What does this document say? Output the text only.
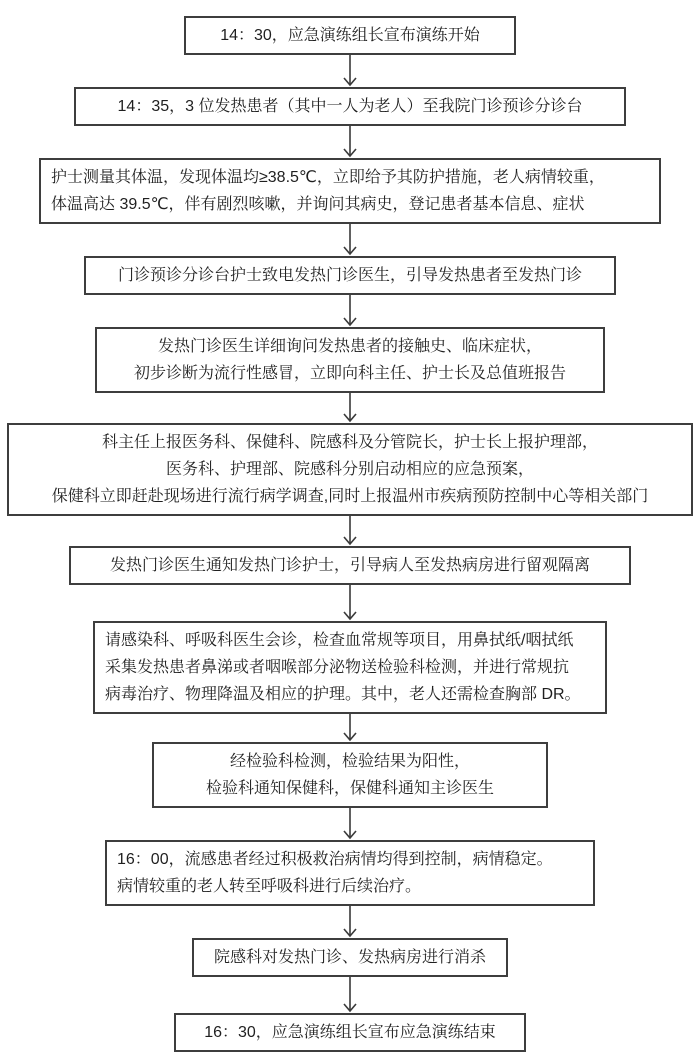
14：30，应急演练组长宣布演练开始
14：35，3 位发热患者（其中一人为老人）至我院门诊预诊分诊台
护士测量其体温，发现体温均≥38.5℃，立即给予其防护措施，老人病情较重，
体温高达 39.5℃，伴有剧烈咳嗽，并询问其病史，登记患者基本信息、症状
门诊预诊分诊台护士致电发热门诊医生，引导发热患者至发热门诊
发热门诊医生详细询问发热患者的接触史、临床症状，
初步诊断为流行性感冒，立即向科主任、护士长及总值班报告
科主任上报医务科、保健科、院感科及分管院长，护士长上报护理部，
医务科、护理部、院感科分别启动相应的应急预案，
保健科立即赶赴现场进行流行病学调查,同时上报温州市疾病预防控制中心等相关部门
发热门诊医生通知发热门诊护士，引导病人至发热病房进行留观隔离
请感染科、呼吸科医生会诊，检查血常规等项目，用鼻拭纸/咽拭纸
采集发热患者鼻涕或者咽喉部分泌物送检验科检测，并进行常规抗
病毒治疗、物理降温及相应的护理。其中，老人还需检查胸部 DR。
经检验科检测，检验结果为阳性，
检验科通知保健科，保健科通知主诊医生
16：00，流感患者经过积极救治病情均得到控制，病情稳定。
病情较重的老人转至呼吸科进行后续治疗。
院感科对发热门诊、发热病房进行消杀
16：30，应急演练组长宣布应急演练结束
